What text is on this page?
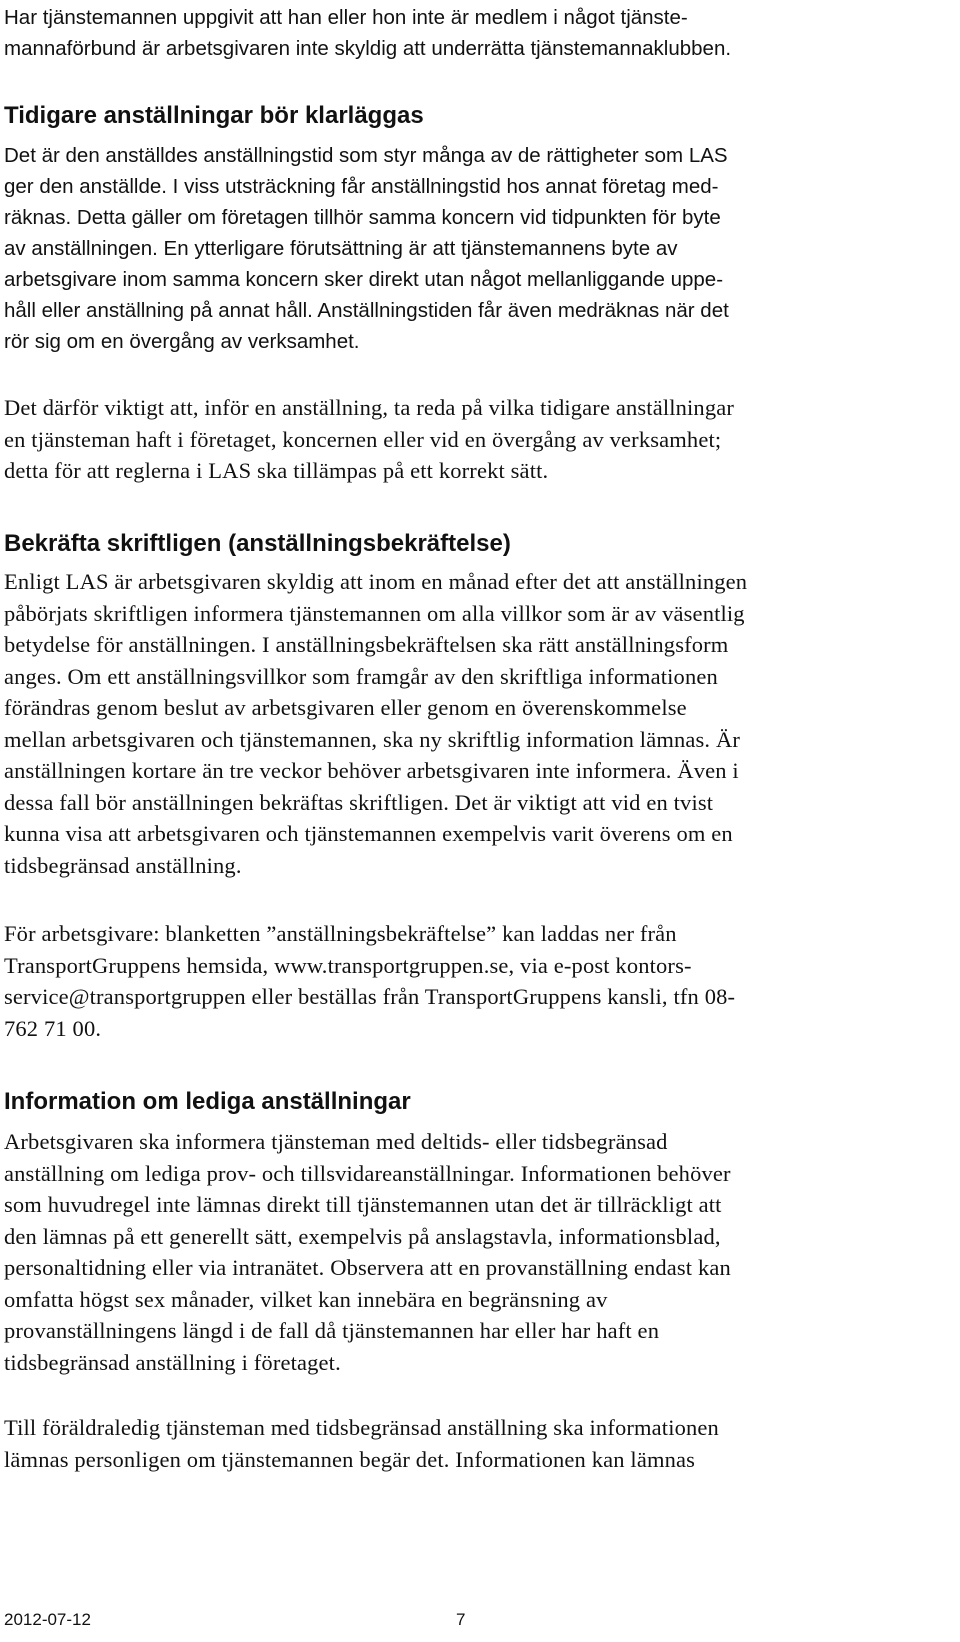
Har tjänstemannen uppgivit att han eller hon inte är medlem i något tjänste-
mannaförbund är arbetsgivaren inte skyldig att underrätta tjänstemannaklubben.
Tidigare anställningar bör klarläggas
Det är den anställdes anställningstid som styr många av de rättigheter som LAS
ger den anställde. I viss utsträckning får anställningstid hos annat företag med-
räknas. Detta gäller om företagen tillhör samma koncern vid tidpunkten för byte
av anställningen. En ytterligare förutsättning är att tjänstemannens byte av
arbetsgivare inom samma koncern sker direkt utan något mellanliggande uppe-
håll eller anställning på annat håll. Anställningstiden får även medräknas när det
rör sig om en övergång av verksamhet.
Det därför viktigt att, inför en anställning, ta reda på vilka tidigare anställningar
en tjänsteman haft i företaget, koncernen eller vid en övergång av verksamhet;
detta för att reglerna i LAS ska tillämpas på ett korrekt sätt.
Bekräfta skriftligen (anställningsbekräftelse)
Enligt LAS är arbetsgivaren skyldig att inom en månad efter det att anställningen
påbörjats skriftligen informera tjänstemannen om alla villkor som är av väsentlig
betydelse för anställningen. I anställningsbekräftelsen ska rätt anställningsform
anges. Om ett anställningsvillkor som framgår av den skriftliga informationen
förändras genom beslut av arbetsgivaren eller genom en överenskommelse
mellan arbetsgivaren och tjänstemannen, ska ny skriftlig information lämnas. Är
anställningen kortare än tre veckor behöver arbetsgivaren inte informera. Även i
dessa fall bör anställningen bekräftas skriftligen. Det är viktigt att vid en tvist
kunna visa att arbetsgivaren och tjänstemannen exempelvis varit överens om en
tidsbegränsad anställning.
För arbetsgivare: blanketten ”anställningsbekräftelse” kan laddas ner från
TransportGruppens hemsida, www.transportgruppen.se, via e-post kontors-
service@transportgruppen eller beställas från TransportGruppens kansli, tfn 08-
762 71 00.
Information om lediga anställningar
Arbetsgivaren ska informera tjänsteman med deltids- eller tidsbegränsad
anställning om lediga prov- och tillsvidareanställningar. Informationen behöver
som huvudregel inte lämnas direkt till tjänstemannen utan det är tillräckligt att
den lämnas på ett generellt sätt, exempelvis på anslagstavla, informationsblad,
personaltidning eller via intranätet. Observera att en provanställning endast kan
omfatta högst sex månader, vilket kan innebära en begränsning av
provanställningens längd i de fall då tjänstemannen har eller har haft en
tidsbegränsad anställning i företaget.
Till föräldraledig tjänsteman med tidsbegränsad anställning ska informationen
lämnas personligen om tjänstemannen begär det. Informationen kan lämnas
2012-07-12	7
